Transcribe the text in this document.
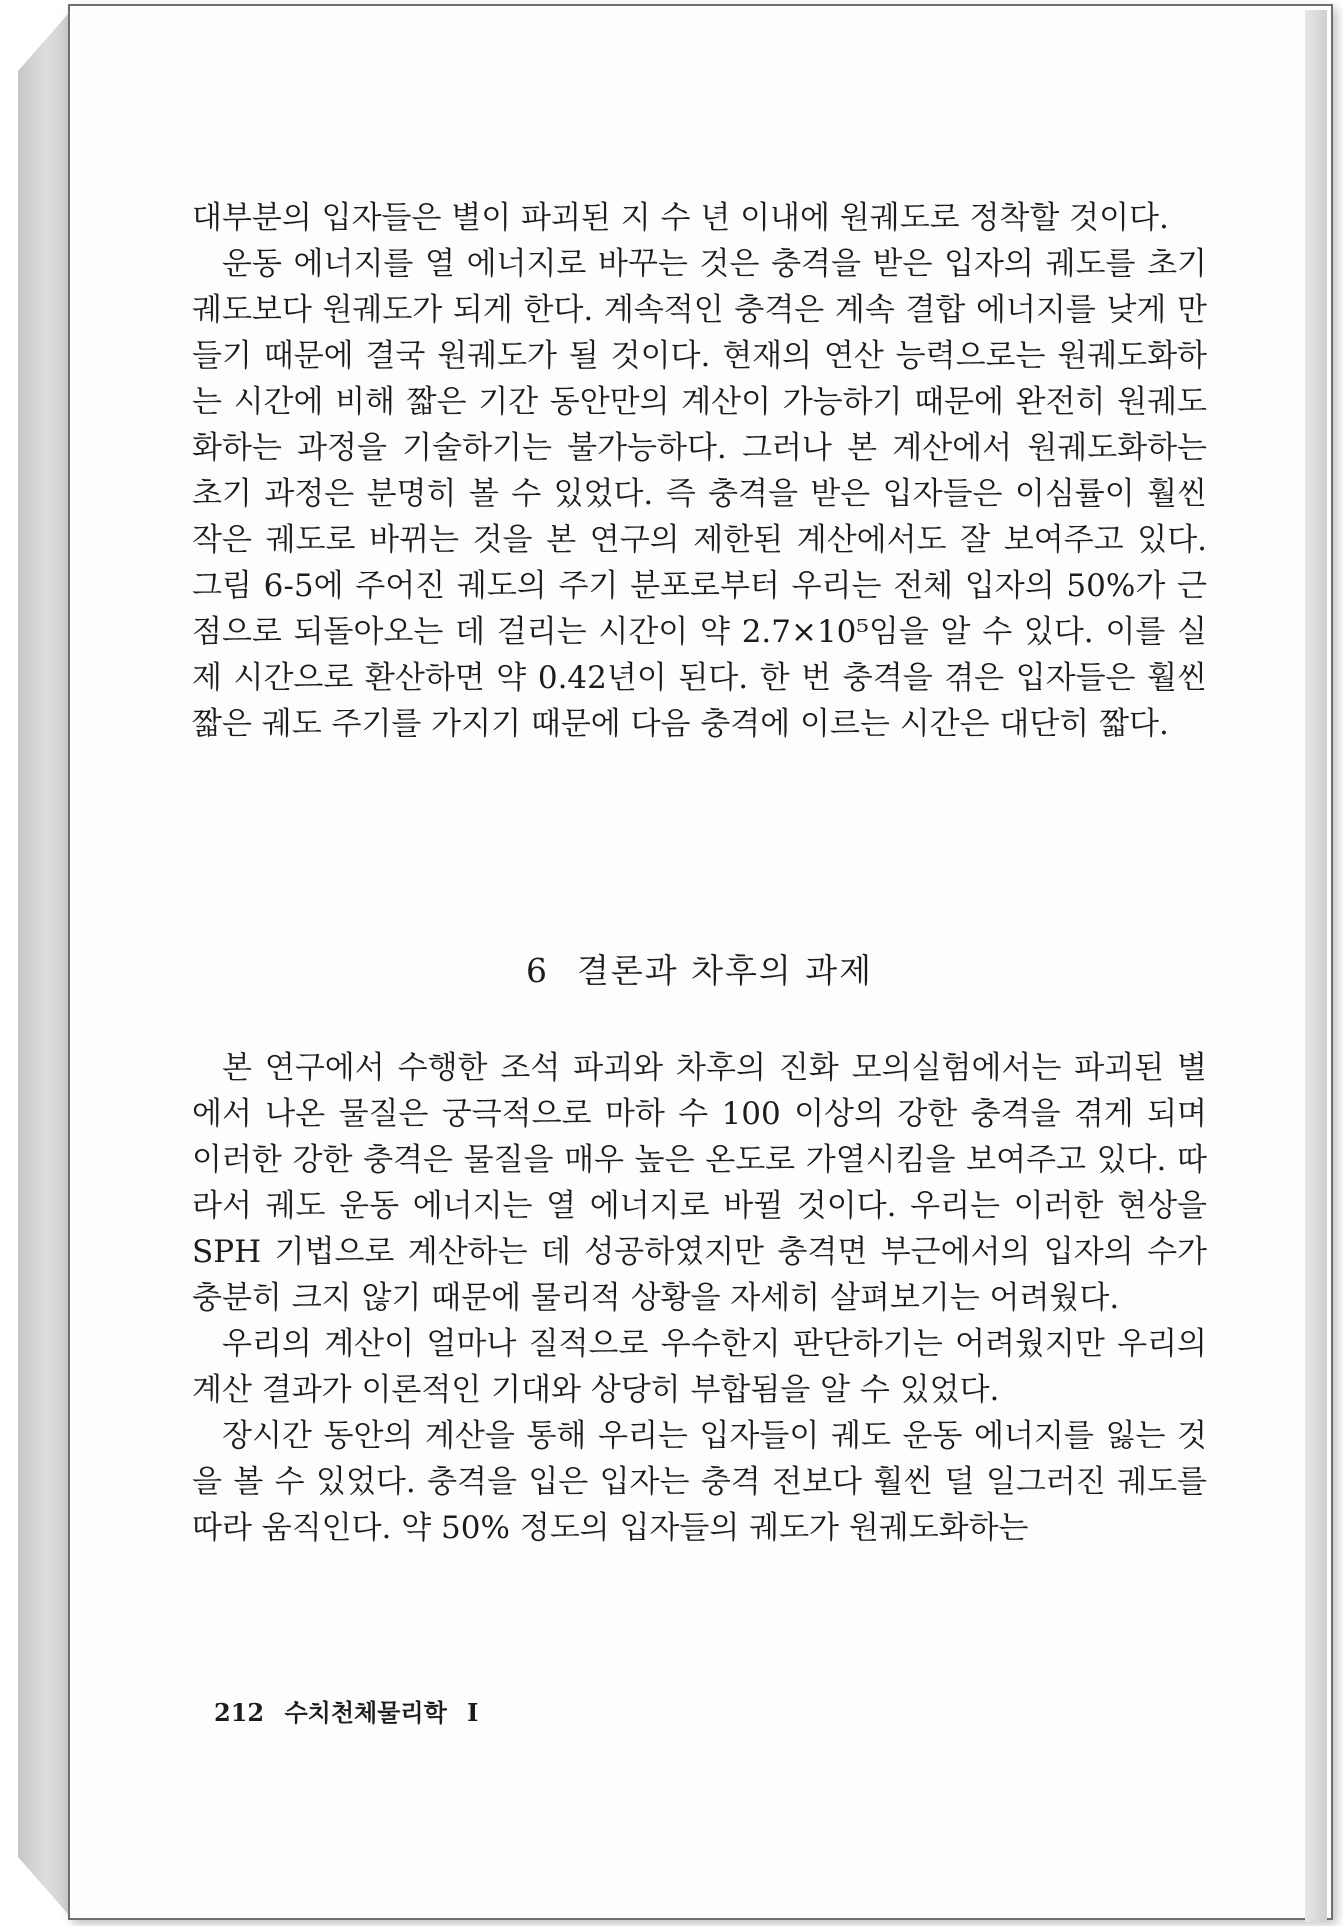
대부분의 입자들은 별이 파괴된 지 수 년 이내에 원궤도로 정착할 것이다.

운동 에너지를 열 에너지로 바꾸는 것은 충격을 받은 입자의 궤도를 초기 궤도보다 원궤도가 되게 한다. 계속적인 충격은 계속 결합 에너지를 낮게 만들기 때문에 결국 원궤도가 될 것이다. 현재의 연산 능력으로는 원궤도화하는 시간에 비해 짧은 기간 동안만의 계산이 가능하기 때문에 완전히 원궤도화하는 과정을 기술하기는 불가능하다. 그러나 본 계산에서 원궤도화하는 초기 과정은 분명히 볼 수 있었다. 즉 충격을 받은 입자들은 이심률이 훨씬 작은 궤도로 바뀌는 것을 본 연구의 제한된 계산에서도 잘 보여주고 있다. 그림 6-5에 주어진 궤도의 주기 분포로부터 우리는 전체 입자의 50%가 근점으로 되돌아오는 데 걸리는 시간이 약 2.7×10⁵임을 알 수 있다. 이를 실제 시간으로 환산하면 약 0.42년이 된다. 한 번 충격을 겪은 입자들은 훨씬 짧은 궤도 주기를 가지기 때문에 다음 충격에 이르는 시간은 대단히 짧다.

6 결론과 차후의 과제

본 연구에서 수행한 조석 파괴와 차후의 진화 모의실험에서는 파괴된 별에서 나온 물질은 궁극적으로 마하 수 100 이상의 강한 충격을 겪게 되며 이러한 강한 충격은 물질을 매우 높은 온도로 가열시킴을 보여주고 있다. 따라서 궤도 운동 에너지는 열 에너지로 바뀔 것이다. 우리는 이러한 현상을 SPH 기법으로 계산하는 데 성공하였지만 충격면 부근에서의 입자의 수가 충분히 크지 않기 때문에 물리적 상황을 자세히 살펴보기는 어려웠다.

우리의 계산이 얼마나 질적으로 우수한지 판단하기는 어려웠지만 우리의 계산 결과가 이론적인 기대와 상당히 부합됨을 알 수 있었다.

장시간 동안의 계산을 통해 우리는 입자들이 궤도 운동 에너지를 잃는 것을 볼 수 있었다. 충격을 입은 입자는 충격 전보다 훨씬 덜 일그러진 궤도를 따라 움직인다. 약 50% 정도의 입자들의 궤도가 원궤도화하는

212 수치천체물리학 I
